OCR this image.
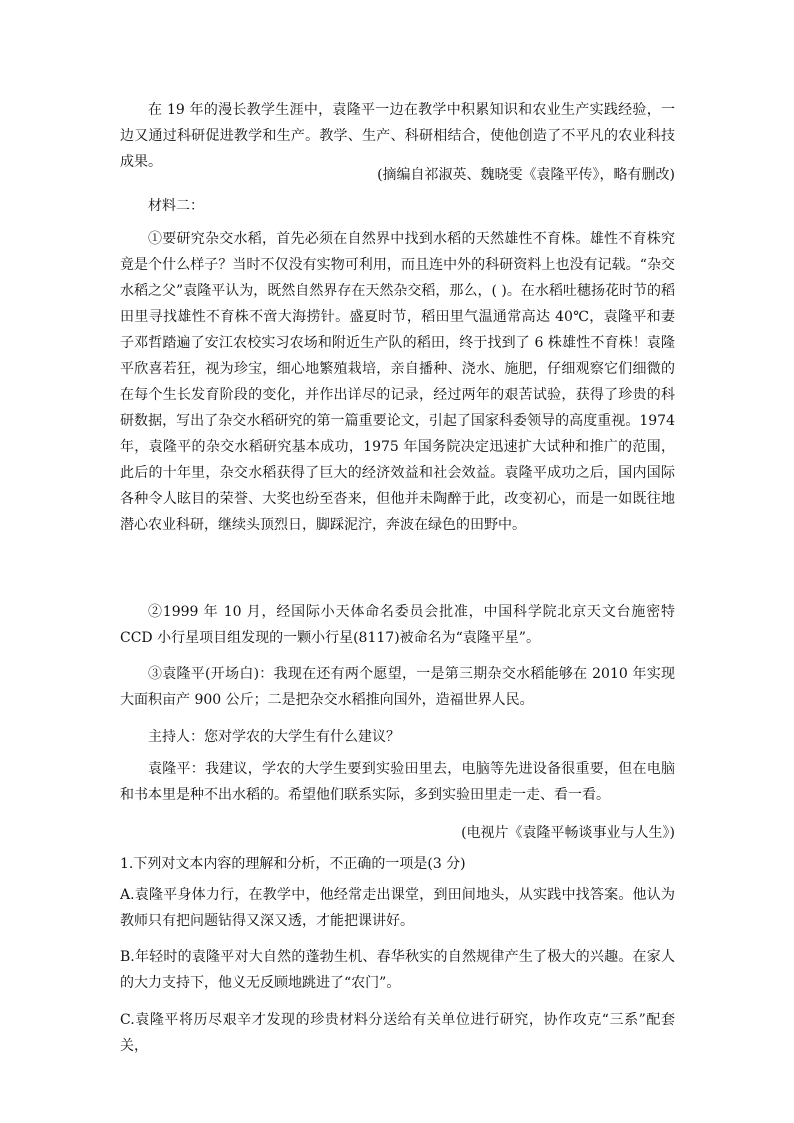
在 19 年的漫长教学生涯中，袁隆平一边在教学中积累知识和农业生产实践经验，一边又通过科研促进教学和生产。教学、生产、科研相结合，使他创造了不平凡的农业科技成果。

(摘编自祁淑英、魏晓雯《袁隆平传》，略有删改)

材料二：

①要研究杂交水稻，首先必须在自然界中找到水稻的天然雄性不育株。雄性不育株究竟是个什么样子？当时不仅没有实物可利用，而且连中外的科研资料上也没有记载。“杂交水稻之父”袁隆平认为，既然自然界存在天然杂交稻，那么，( )。在水稻吐穗扬花时节的稻田里寻找雄性不育株不啻大海捞针。盛夏时节，稻田里气温通常高达 40℃，袁隆平和妻子邓哲踏遍了安江农校实习农场和附近生产队的稻田，终于找到了 6 株雄性不育株！袁隆平欣喜若狂，视为珍宝，细心地繁殖栽培，亲自播种、浇水、施肥，仔细观察它们细微的在每个生长发育阶段的变化，并作出详尽的记录，经过两年的艰苦试验，获得了珍贵的科研数据，写出了杂交水稻研究的第一篇重要论文，引起了国家科委领导的高度重视。1974 年，袁隆平的杂交水稻研究基本成功，1975 年国务院决定迅速扩大试种和推广的范围，此后的十年里，杂交水稻获得了巨大的经济效益和社会效益。袁隆平成功之后，国内国际各种令人眩目的荣誉、大奖也纷至沓来，但他并未陶醉于此，改变初心，而是一如既往地潜心农业科研，继续头顶烈日，脚踩泥泞，奔波在绿色的田野中。

②1999 年 10 月，经国际小天体命名委员会批准，中国科学院北京天文台施密特 CCD 小行星项目组发现的一颗小行星(8117)被命名为“袁隆平星”。

③袁隆平(开场白)：我现在还有两个愿望，一是第三期杂交水稻能够在 2010 年实现大面积亩产 900 公斤；二是把杂交水稻推向国外，造福世界人民。

主持人：您对学农的大学生有什么建议？

袁隆平：我建议，学农的大学生要到实验田里去，电脑等先进设备很重要，但在电脑和书本里是种不出水稻的。希望他们联系实际，多到实验田里走一走、看一看。

(电视片《袁隆平畅谈事业与人生》)

1.下列对文本内容的理解和分析，不正确的一项是(3 分)

A.袁隆平身体力行，在教学中，他经常走出课堂，到田间地头，从实践中找答案。他认为教师只有把问题钻得又深又透，才能把课讲好。

B.年轻时的袁隆平对大自然的蓬勃生机、春华秋实的自然规律产生了极大的兴趣。在家人的大力支持下，他义无反顾地跳进了“农门”。

C.袁隆平将历尽艰辛才发现的珍贵材料分送给有关单位进行研究，协作攻克“三系”配套关，
